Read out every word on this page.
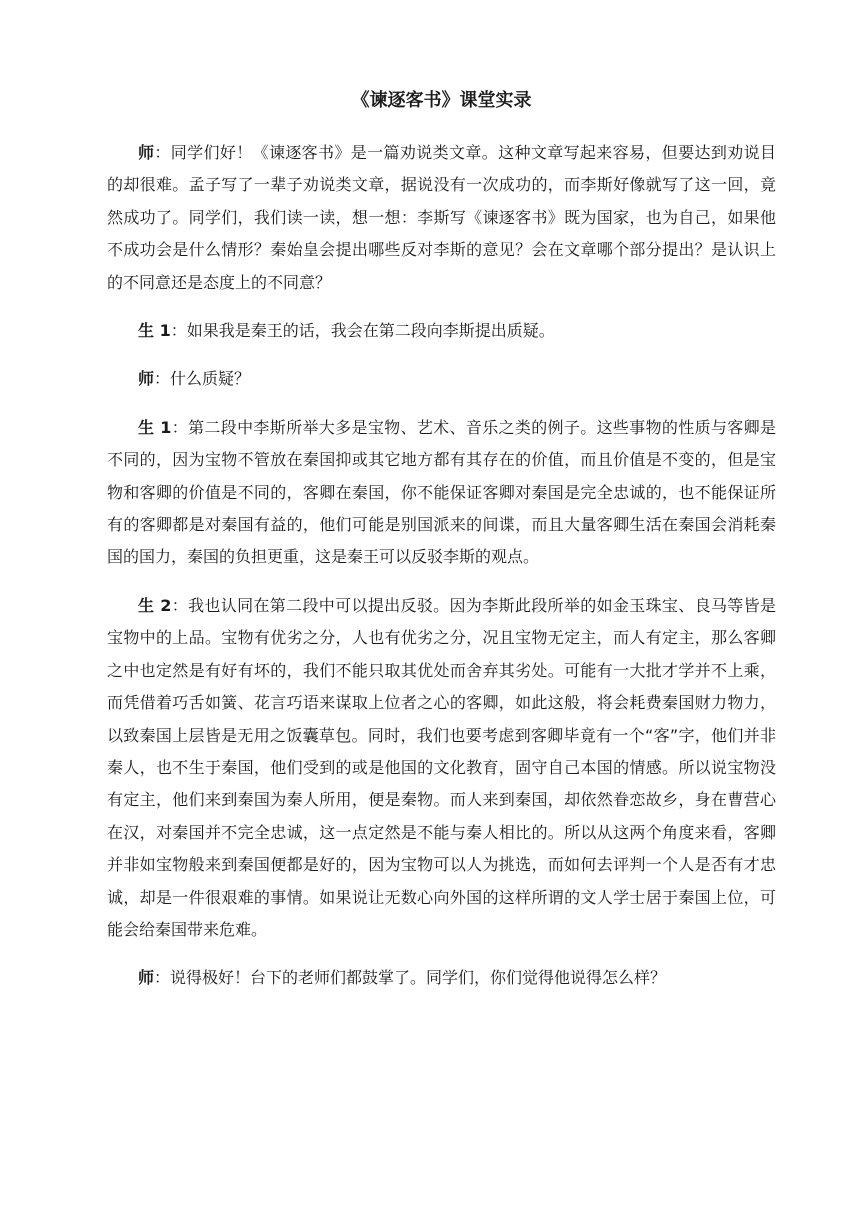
《谏逐客书》课堂实录

师：同学们好！《谏逐客书》是一篇劝说类文章。这种文章写起来容易，但要达到劝说目的却很难。孟子写了一辈子劝说类文章，据说没有一次成功的，而李斯好像就写了这一回，竟然成功了。同学们，我们读一读，想一想：李斯写《谏逐客书》既为国家，也为自己，如果他不成功会是什么情形？秦始皇会提出哪些反对李斯的意见？会在文章哪个部分提出？是认识上的不同意还是态度上的不同意？

生 1：如果我是秦王的话，我会在第二段向李斯提出质疑。

师：什么质疑？

生 1：第二段中李斯所举大多是宝物、艺术、音乐之类的例子。这些事物的性质与客卿是不同的，因为宝物不管放在秦国抑或其它地方都有其存在的价值，而且价值是不变的，但是宝物和客卿的价值是不同的，客卿在秦国，你不能保证客卿对秦国是完全忠诚的，也不能保证所有的客卿都是对秦国有益的，他们可能是别国派来的间谍，而且大量客卿生活在秦国会消耗秦国的国力，秦国的负担更重，这是秦王可以反驳李斯的观点。

生 2：我也认同在第二段中可以提出反驳。因为李斯此段所举的如金玉珠宝、良马等皆是宝物中的上品。宝物有优劣之分，人也有优劣之分，况且宝物无定主，而人有定主，那么客卿之中也定然是有好有坏的，我们不能只取其优处而舍弃其劣处。可能有一大批才学并不上乘，而凭借着巧舌如簧、花言巧语来谋取上位者之心的客卿，如此这般，将会耗费秦国财力物力，以致秦国上层皆是无用之饭囊草包。同时，我们也要考虑到客卿毕竟有一个“客”字，他们并非秦人，也不生于秦国，他们受到的或是他国的文化教育，固守自己本国的情感。所以说宝物没有定主，他们来到秦国为秦人所用，便是秦物。而人来到秦国，却依然眷恋故乡，身在曹营心在汉，对秦国并不完全忠诚，这一点定然是不能与秦人相比的。所以从这两个角度来看，客卿并非如宝物般来到秦国便都是好的，因为宝物可以人为挑选，而如何去评判一个人是否有才忠诚，却是一件很艰难的事情。如果说让无数心向外国的这样所谓的文人学士居于秦国上位，可能会给秦国带来危难。

师：说得极好！台下的老师们都鼓掌了。同学们，你们觉得他说得怎么样？
